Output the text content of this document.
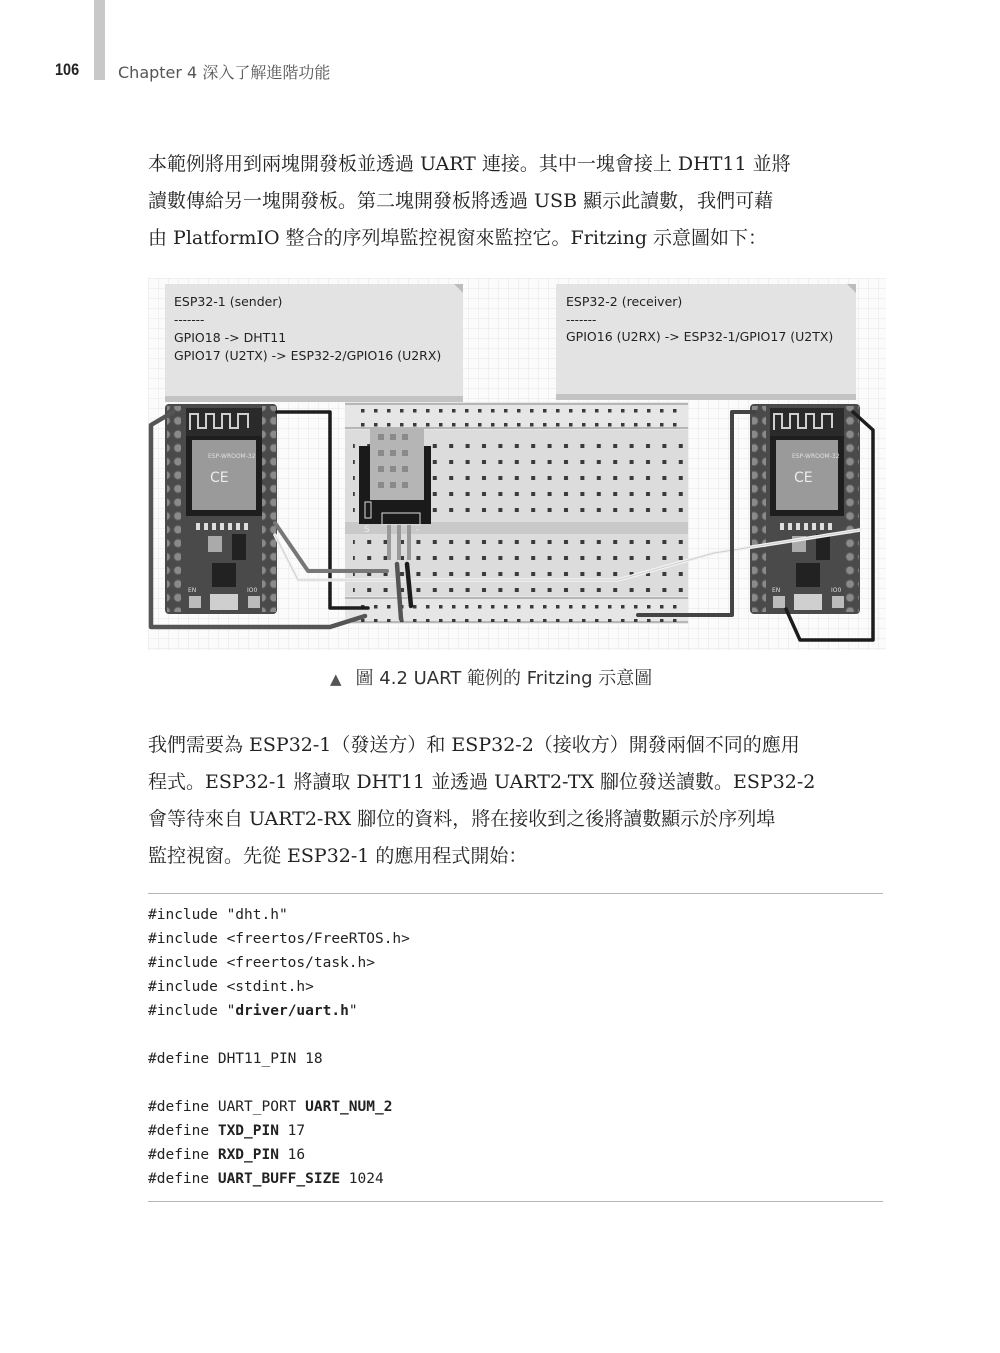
106 Chapter 4 深入了解進階功能

本範例將用到兩塊開發板並透過 UART 連接。其中一塊會接上 DHT11 並將

讀數傳給另一塊開發板。第二塊開發板將透過 USB 顯示此讀數，我們可藉

由 PlatformIO 整合的序列埠監控視窗來監控它。Fritzing 示意圖如下：

ESP32-1 (sender)
-------
GPIO18 -> DHT11
GPIO17 (U2TX) -> ESP32-2/GPIO16 (U2RX)
ESP32-2 (receiver)
-------
GPIO16 (U2RX) -> ESP32-1/GPIO17 (U2TX)
ESP-WROOM-32
CE
EN	IO0
ESP-WROOM-32
CE
EN	IO0
S	-
▲ 圖 4.2 UART 範例的 Fritzing 示意圖

我們需要為 ESP32-1（發送方）和 ESP32-2（接收方）開發兩個不同的應用

程式。ESP32-1 將讀取 DHT11 並透過 UART2-TX 腳位發送讀數。ESP32-2

會等待來自 UART2-RX 腳位的資料，將在接收到之後將讀數顯示於序列埠

監控視窗。先從 ESP32-1 的應用程式開始：

#include "dht.h"
#include <freertos/FreeRTOS.h>
#include <freertos/task.h>
#include <stdint.h>
#include "driver/uart.h"
#define DHT11_PIN 18
#define UART_PORT UART_NUM_2
#define TXD_PIN 17
#define RXD_PIN 16
#define UART_BUFF_SIZE 1024
